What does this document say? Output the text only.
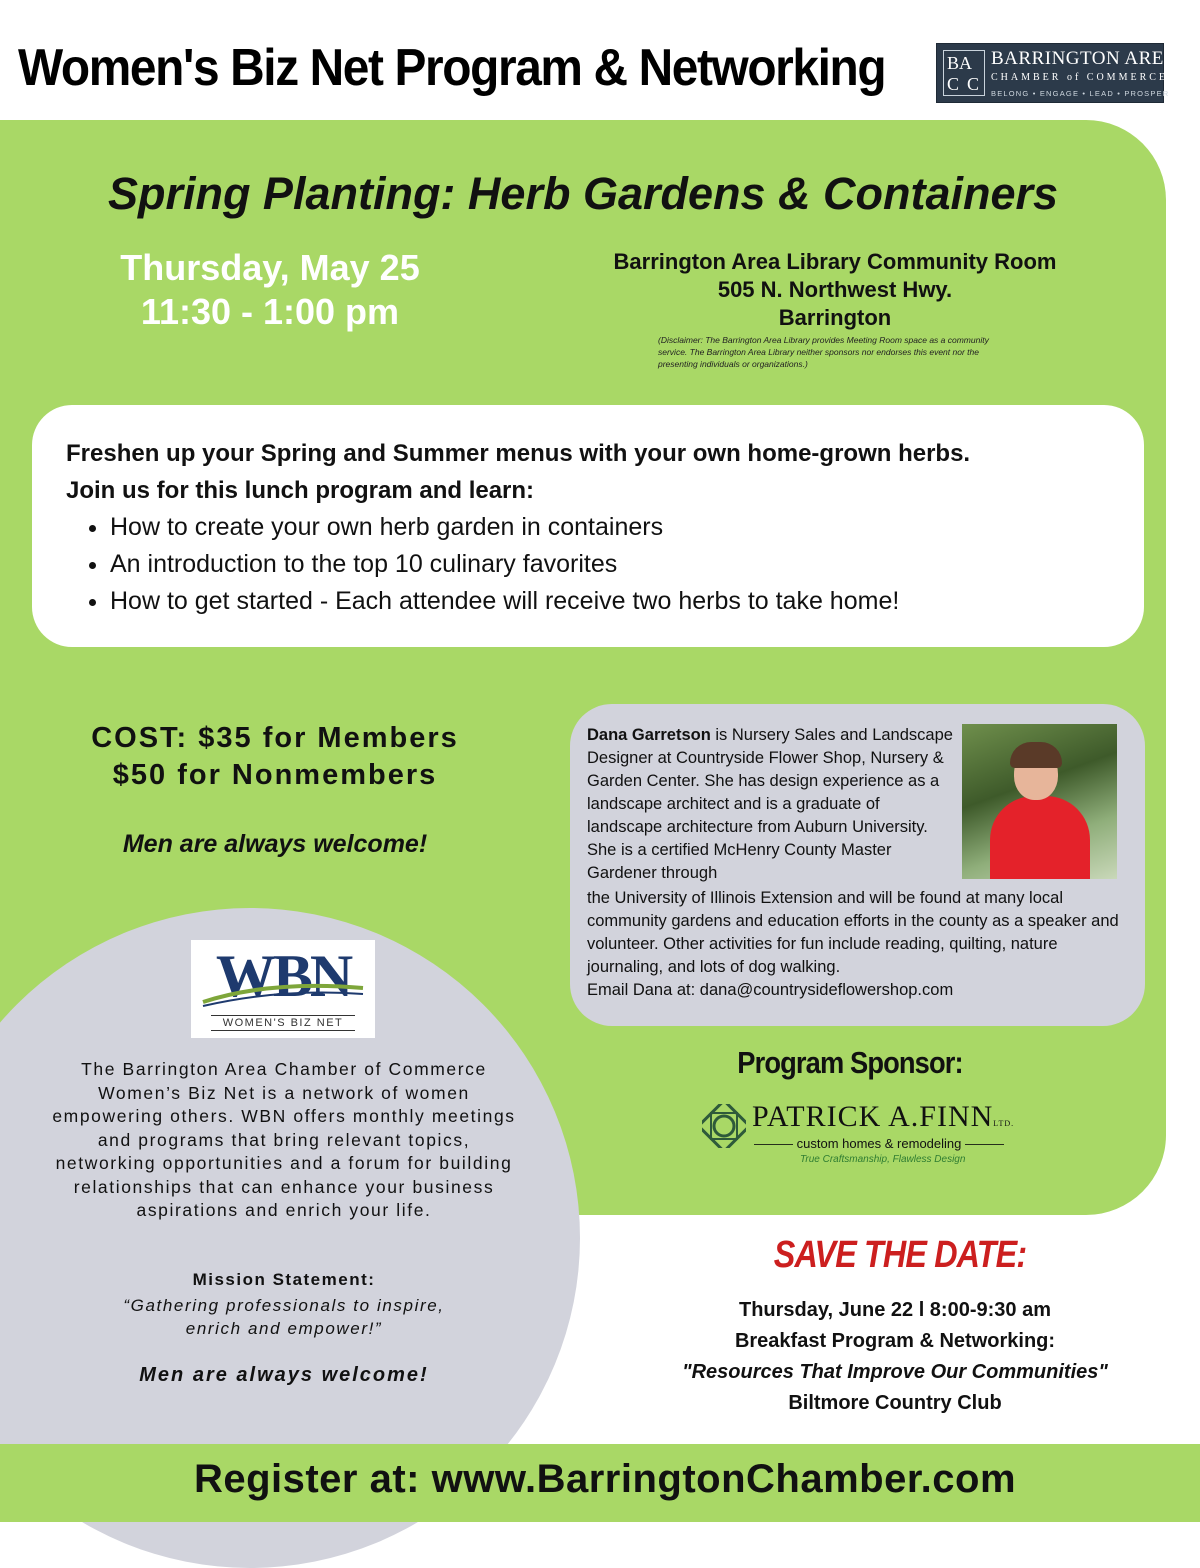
Women's Biz Net Program & Networking	BA
C C
BARRINGTON AREA
CHAMBER of COMMERCE
BELONG • ENGAGE • LEAD • PROSPER
Spring Planting: Herb Gardens & Containers
Thursday, May 25
11:30 - 1:00 pm
Barrington Area Library Community Room
505 N. Northwest Hwy.
Barrington
(Disclaimer: The Barrington Area Library provides Meeting Room space as a community service. The Barrington Area Library neither sponsors nor endorses this event nor the presenting individuals or organizations.)

Freshen up your Spring and Summer menus with your own home-grown herbs.

Join us for this lunch program and learn:

• How to create your own herb garden in containers
• An introduction to the top 10 culinary favorites
• How to get started - Each attendee will receive two herbs to take home!
COST: $35 for Members
$50 for Nonmembers
Men are always welcome!
Dana Garretson is Nursery Sales and Landscape Designer at Countryside Flower Shop, Nursery & Garden Center. She has design experience as a landscape architect and is a graduate of landscape architecture from Auburn University. She is a certified McHenry County Master Gardener through
the University of Illinois Extension and will be found at many local community gardens and education efforts in the county as a speaker and volunteer. Other activities for fun include reading, quilting, nature journaling, and lots of dog walking.
Email Dana at: dana@countrysideflowershop.com
Program Sponsor:
PATRICK A.FINNLTD.
——— custom homes & remodeling ———
True Craftsmanship, Flawless Design
WBN
WOMEN'S BIZ NET
The Barrington Area Chamber of Commerce Women’s Biz Net is a network of women empowering others. WBN offers monthly meetings and programs that bring relevant topics, networking opportunities and a forum for building relationships that can enhance your business aspirations and enrich your life.
Mission Statement:
“Gathering professionals to inspire,
enrich and empower!”
Men are always welcome!
SAVE THE DATE:
Thursday, June 22 l 8:00-9:30 am
Breakfast Program & Networking:
"Resources That Improve Our Communities"
Biltmore Country Club
Register at: www.BarringtonChamber.com
